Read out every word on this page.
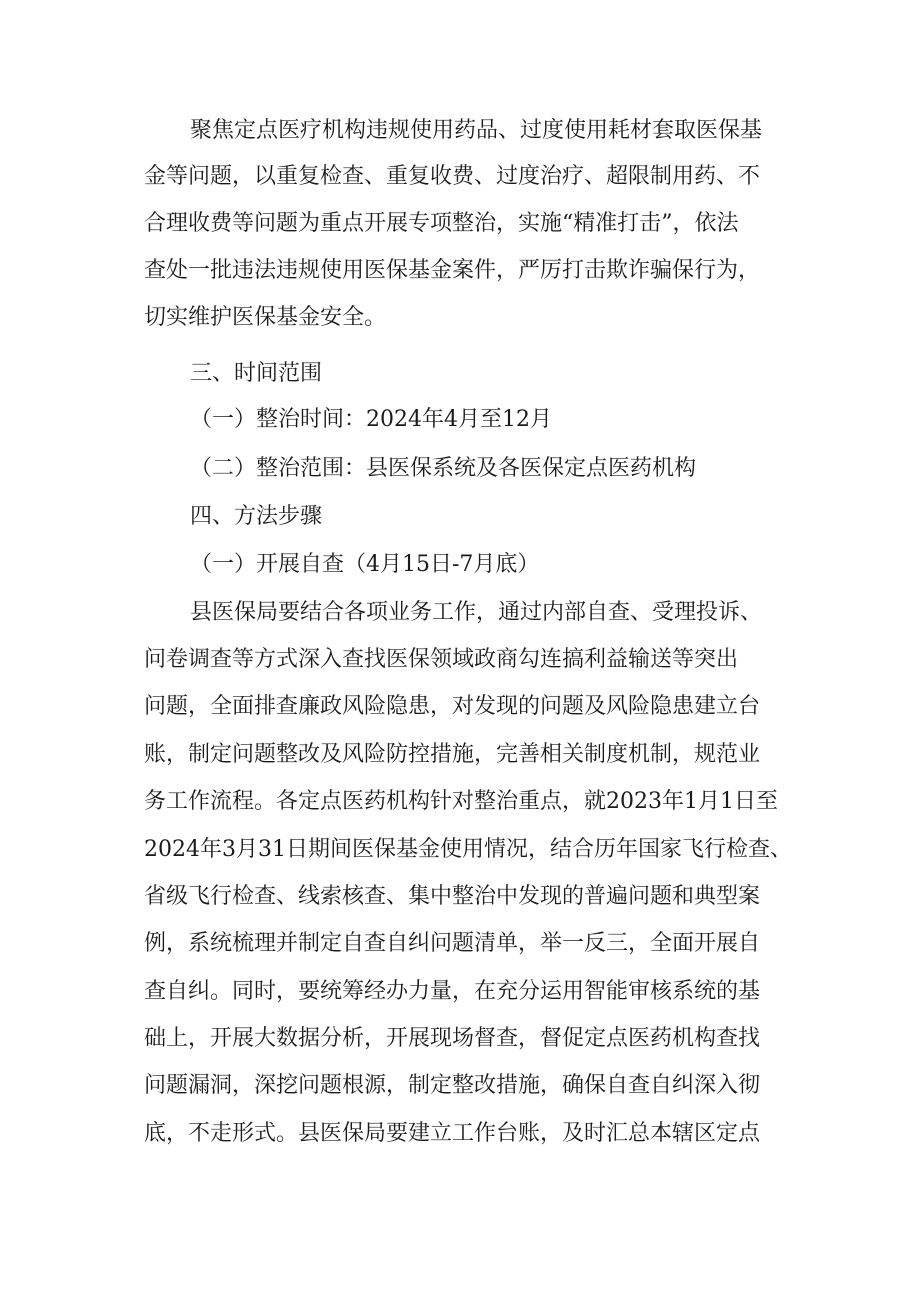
聚焦定点医疗机构违规使用药品、过度使用耗材套取医保基
金等问题，以重复检查、重复收费、过度治疗、超限制用药、不
合理收费等问题为重点开展专项整治，实施“精准打击”，依法
查处一批违法违规使用医保基金案件，严厉打击欺诈骗保行为，
切实维护医保基金安全。
三、时间范围
（一）整治时间：2024年4月至12月
（二）整治范围：县医保系统及各医保定点医药机构
四、方法步骤
（一）开展自查（4月15日-7月底）
县医保局要结合各项业务工作，通过内部自查、受理投诉、
问卷调查等方式深入查找医保领域政商勾连搞利益输送等突出
问题，全面排查廉政风险隐患，对发现的问题及风险隐患建立台
账，制定问题整改及风险防控措施，完善相关制度机制，规范业
务工作流程。各定点医药机构针对整治重点，就2023年1月1日至
2024年3月31日期间医保基金使用情况，结合历年国家飞行检查、
省级飞行检查、线索核查、集中整治中发现的普遍问题和典型案
例，系统梳理并制定自查自纠问题清单，举一反三，全面开展自
查自纠。同时，要统筹经办力量，在充分运用智能审核系统的基
础上，开展大数据分析，开展现场督查，督促定点医药机构查找
问题漏洞，深挖问题根源，制定整改措施，确保自查自纠深入彻
底，不走形式。县医保局要建立工作台账，及时汇总本辖区定点
